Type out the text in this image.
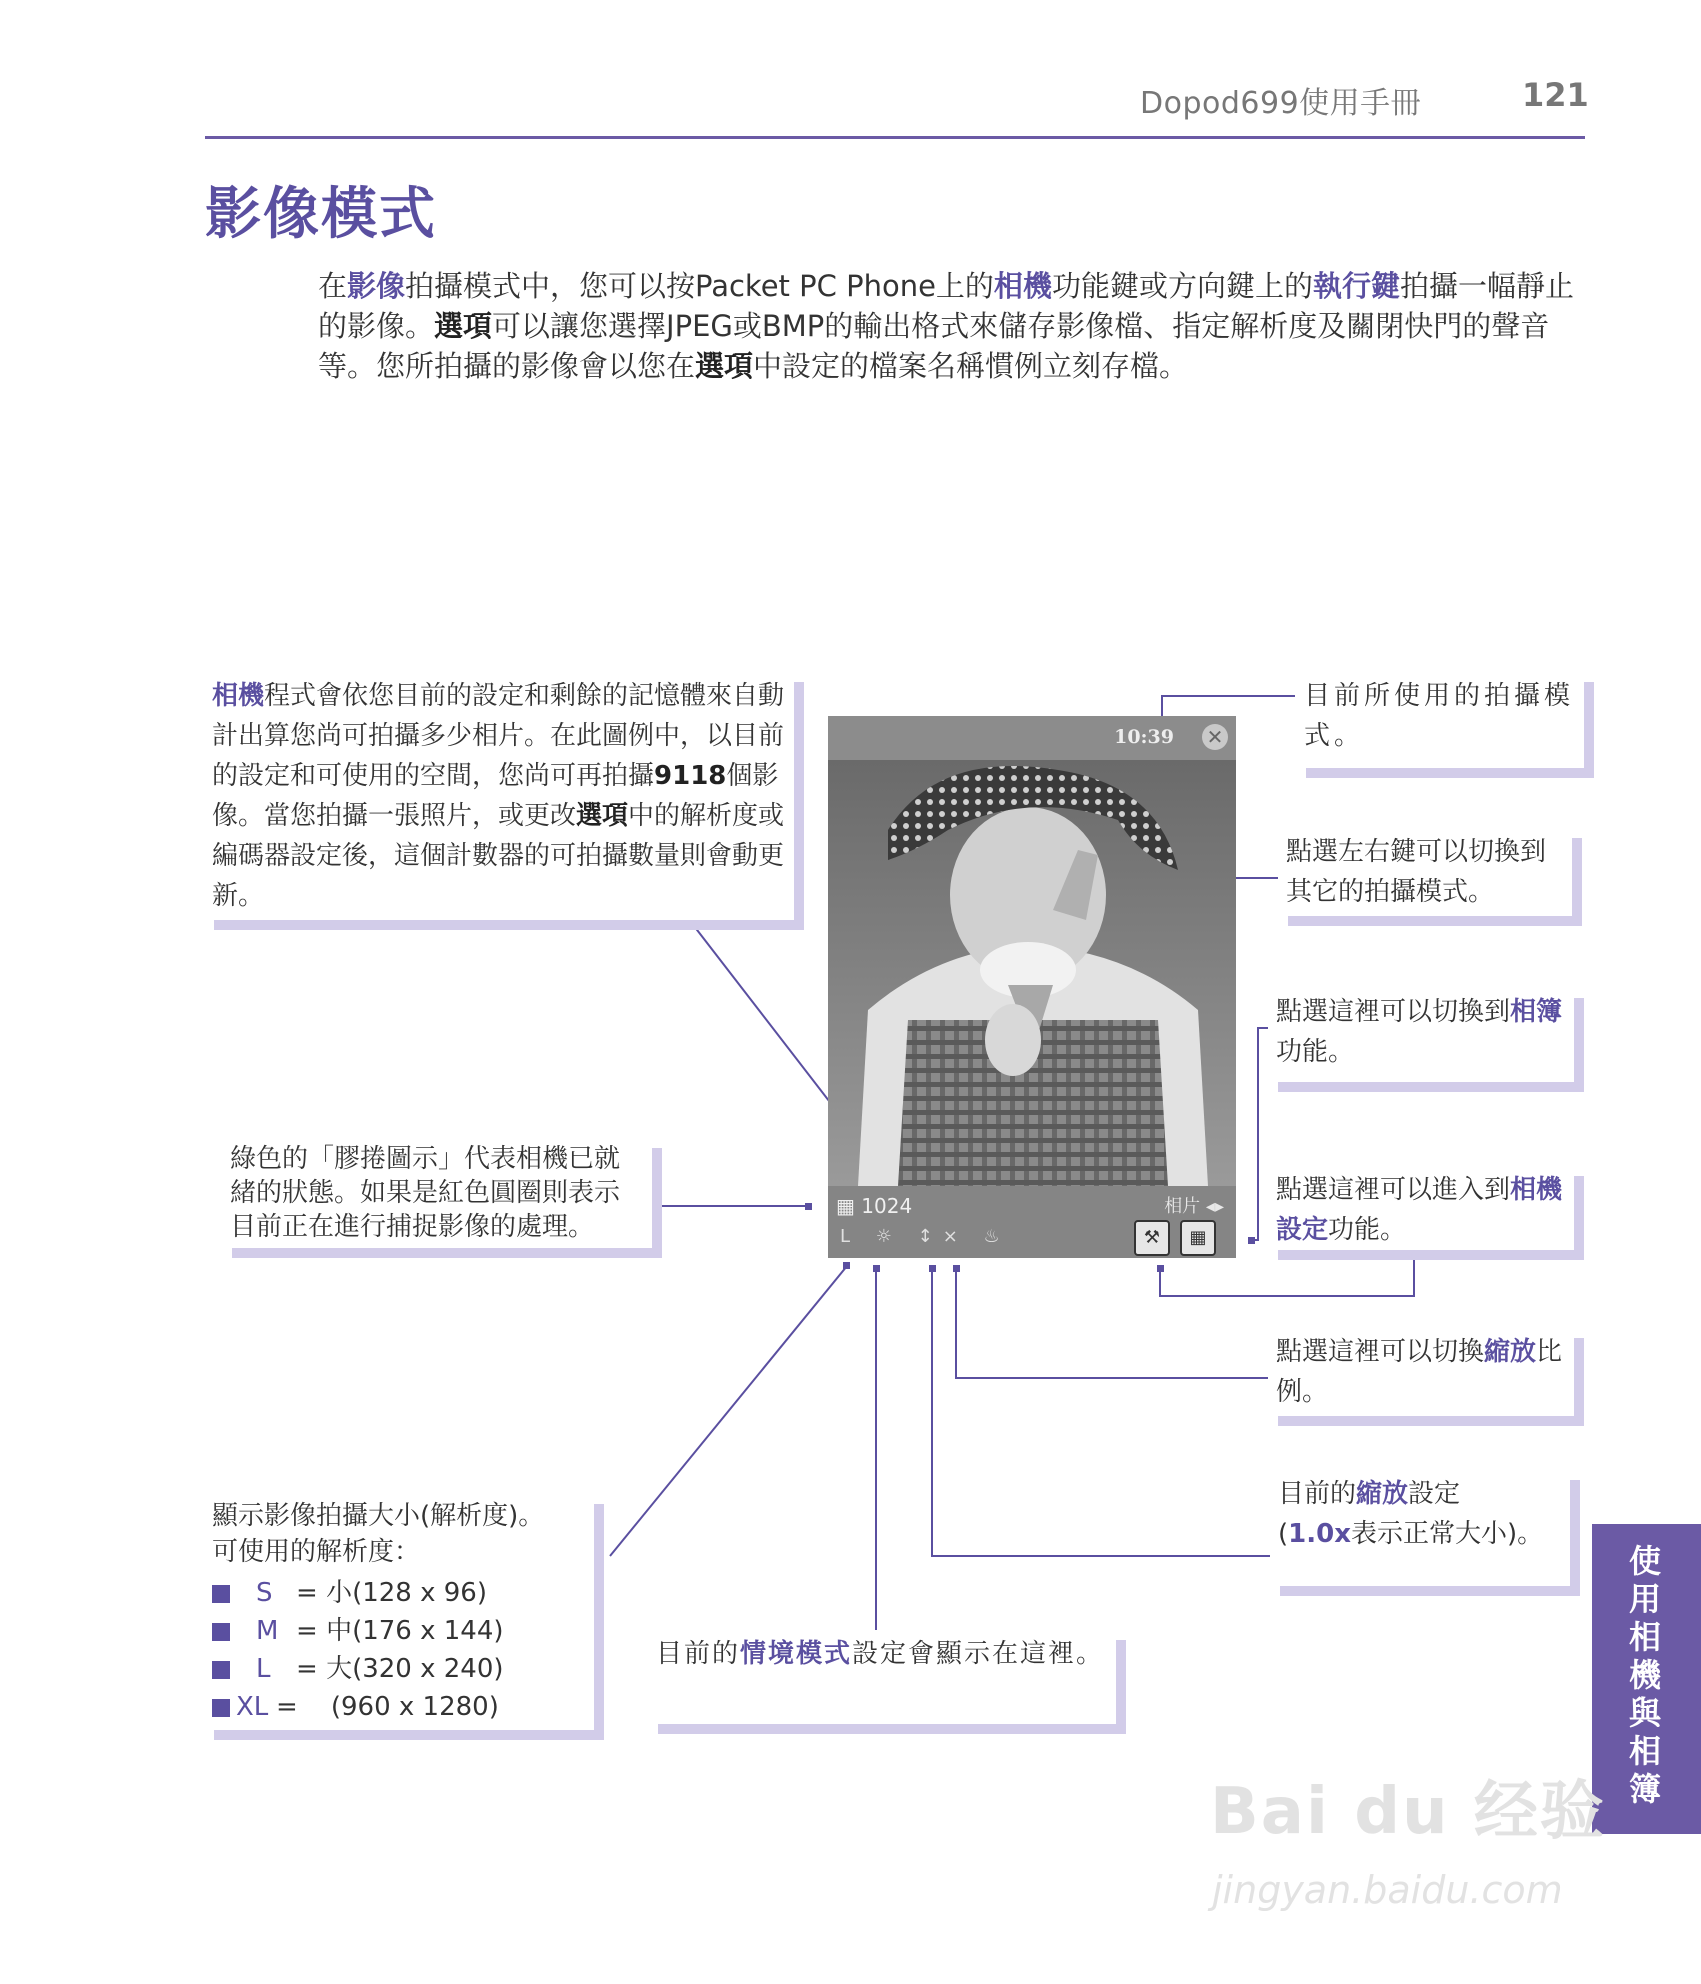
Dopod699使用手冊	121
影像模式
在影像拍攝模式中，您可以按Packet PC Phone上的相機功能鍵或方向鍵上的執行鍵拍攝一幅靜止的影像。選項可以讓您選擇JPEG或BMP的輸出格式來儲存影像檔、指定解析度及關閉快門的聲音等。您所拍攝的影像會以您在選項中設定的檔案名稱慣例立刻存檔。
10:39 ✕
▦ 1024	相片 ◂▸
L ☼ ↕× ♨	⚒	▦
相機程式會依您目前的設定和剩餘的記憶體來自動計出算您尚可拍攝多少相片。在此圖例中，以目前的設定和可使用的空間，您尚可再拍攝9118個影像。當您拍攝一張照片，或更改選項中的解析度或編碼器設定後，這個計數器的可拍攝數量則會動更新。
目前所使用的拍攝模式。
點選左右鍵可以切換到其它的拍攝模式。
點選這裡可以切換到相簿功能。
綠色的「膠捲圖示」代表相機已就緒的狀態。如果是紅色圓圈則表示目前正在進行捕捉影像的處理。
點選這裡可以進入到相機設定功能。
點選這裡可以切換縮放比例。
目前的縮放設定
(1.0x表示正常大小)。
顯示影像拍攝大小(解析度)。
可使用的解析度：
S = 小(128 x 96)
M = 中(176 x 144)
L = 大(320 x 240)
XL = (960 x 1280)
目前的情境模式設定會顯示在這裡。	使用相機與相簿
Bai du 经验
jingyan.baidu.com
